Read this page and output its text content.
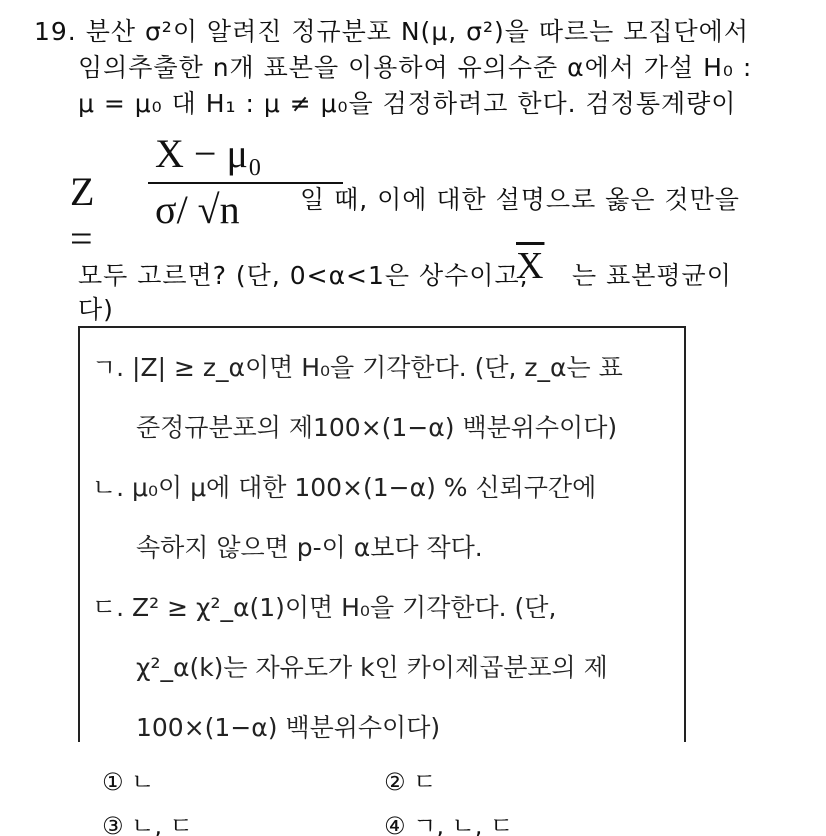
19. 분산 σ²이 알려진 정규분포 N(μ, σ²)을 따르는 모집단에서
임의추출한 n개 표본을 이용하여 유의수준 α에서 가설 H₀ :
μ = μ₀ 대 H₁ : μ ≠ μ₀을 검정하려고 한다. 검정통계량이
Z =
X − μ₀
σ/ √n 일 때, 이에 대한 설명으로 옳은 것만을
모두 고르면? (단, 0<α<1은 상수이고,
$\overline{X}$ 는 표본평균이
다)
ㄱ. |Z| ≥ z_α이면 H₀을 기각한다. (단, z_α는 표
준정규분포의 제100×(1−α) 백분위수이다)
ㄴ. μ₀이 μ에 대한 100×(1−α) % 신뢰구간에
속하지 않으면 p-이 α보다 작다.
ㄷ. Z² ≥ χ²_α(1)이면 H₀을 기각한다. (단,
χ²_α(k)는 자유도가 k인 카이제곱분포의 제
100×(1−α) 백분위수이다)
① ㄴ	② ㄷ
③ ㄴ, ㄷ	④ ㄱ, ㄴ, ㄷ
